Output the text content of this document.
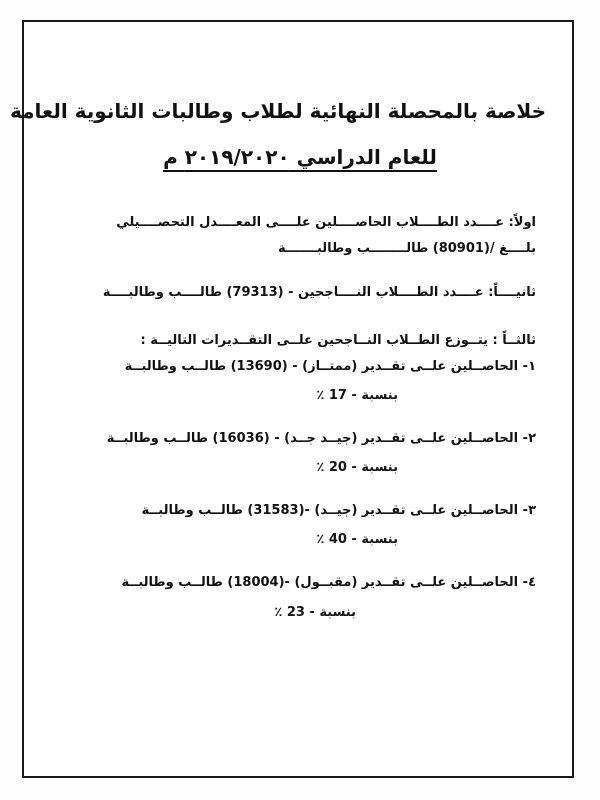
خلاصة بالمحصلة النهائية لطلاب وطالبات الثانوية العامة
للعام الدراسي ٢٠١٩/٢٠٢٠ م
اولاً: عــــدد الطــــلاب الحاصــــلين علــــى المعــــدل التحصــــيلي
بلــــغ /(80901) طالــــــــب وطالبـــــــة
ثانيــــاً: عــــدد الطــــلاب النــــاجحين - (79313) طالــــب وطالبــــة
ثالثــاً : يتــوزع الطــلاب النــاجحين علــى التقــديرات التاليــة :
١- الحاصــلين علــى تقــدير (ممتــاز) - (13690) طالــب وطالبــة
بنسبة - 17 ٪
٢- الحاصــلين علــى تقــدير (جيــد جــد) - (16036) طالــب وطالبــة
بنسبة - 20 ٪
٣- الحاصــلين علــى تقــدير (جيــد) -(31583) طالــب وطالبــة
بنسبة - 40 ٪
٤- الحاصــلين علــى تقــدير (مقبــول) -(18004) طالــب وطالبــة
بنسبة - 23 ٪
